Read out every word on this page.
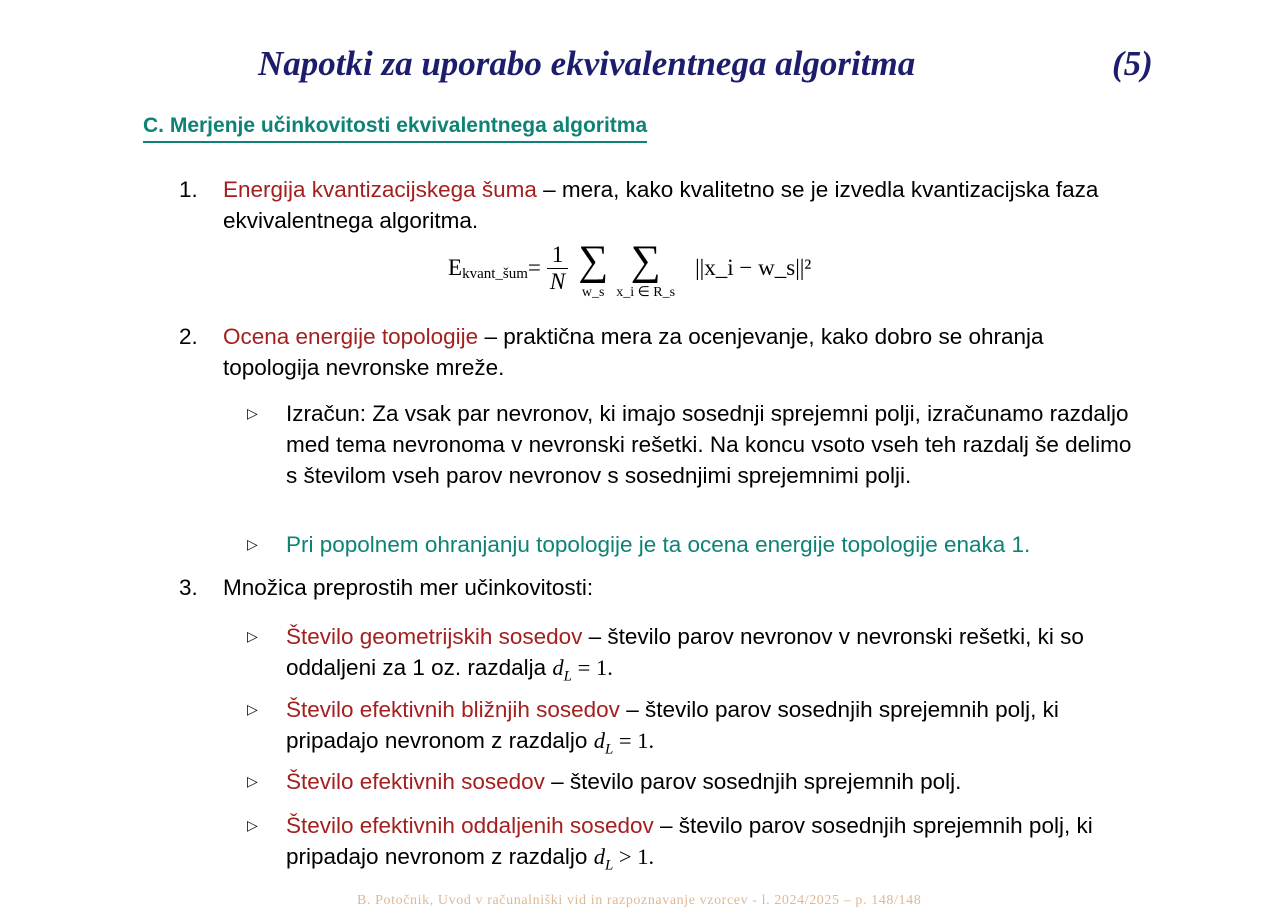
Napotki za uporabo ekvivalentnega algoritma	(5)
C. Merjenje učinkovitosti ekvivalentnega algoritma
1. Energija kvantizacijskega šuma – mera, kako kvalitetno se je izvedla kvantizacijska faza ekvivalentnega algoritma.
E kvant_šum = $\frac{1}{N}$ ∑
w_s
∑
x_i ∈ R_s
||x_i − w_s||²
2. Ocena energije topologije – praktična mera za ocenjevanje, kako dobro se ohranja topologija nevronske mreže.
▷ Izračun: Za vsak par nevronov, ki imajo sosednji sprejemni polji, izračunamo razdaljo med tema nevronoma v nevronski rešetki. Na koncu vsoto vseh teh razdalj še delimo s številom vseh parov nevronov s sosednjimi sprejemnimi polji.
▷ Pri popolnem ohranjanju topologije je ta ocena energije topologije enaka 1.
3. Množica preprostih mer učinkovitosti:
▷ Število geometrijskih sosedov – število parov nevronov v nevronski rešetki, ki so oddaljeni za 1 oz. razdalja $d_L = 1$.
▷ Število efektivnih bližnjih sosedov – število parov sosednjih sprejemnih polj, ki pripadajo nevronom z razdaljo $d_L = 1$.
▷ Število efektivnih sosedov – število parov sosednjih sprejemnih polj.
▷ Število efektivnih oddaljenih sosedov – število parov sosednjih sprejemnih polj, ki pripadajo nevronom z razdaljo $d_L > 1$.
B. Potočnik, Uvod v računalniški vid in razpoznavanje vzorcev - l. 2024/2025 – p. 148/148
